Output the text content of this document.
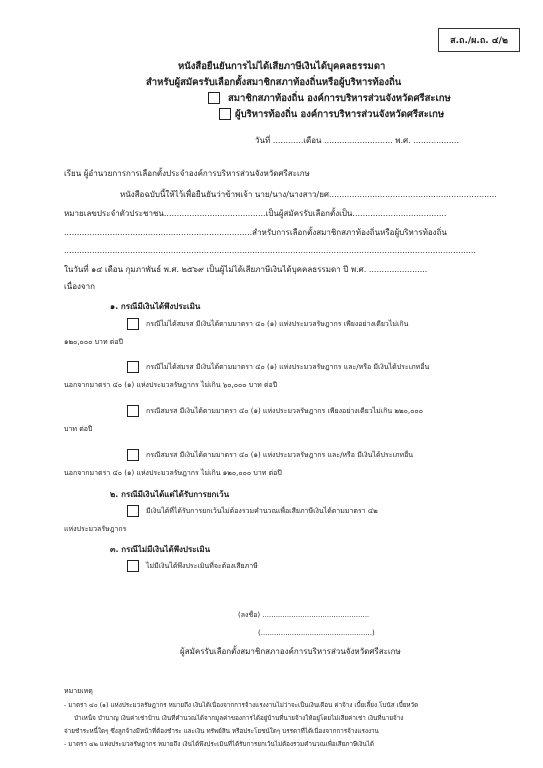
ส.ถ./ผ.ถ. ๔/๒
หนังสือยืนยันการไม่ได้เสียภาษีเงินได้บุคคลธรรมดา
สำหรับผู้สมัครรับเลือกตั้งสมาชิกสภาท้องถิ่นหรือผู้บริหารท้องถิ่น
สมาชิกสภาท้องถิ่น องค์การบริหารส่วนจังหวัดศรีสะเกษ
ผู้บริหารท้องถิ่น องค์การบริหารส่วนจังหวัดศรีสะเกษ
วันที่ ............เดือน ........................... พ.ศ. ..................
เรียน ผู้อำนวยการการเลือกตั้งประจำองค์การบริหารส่วนจังหวัดศรีสะเกษ
หนังสือฉบับนี้ให้ไว้เพื่อยืนยันว่าข้าพเจ้า นาย/นาง/นางสาว/ยศ..................................................................
หมายเลขประจำตัวประชาชน........................................เป็นผู้สมัครรับเลือกตั้งเป็น.....................................
..........................................................................สำหรับการเลือกตั้งสมาชิกสภาท้องถิ่นหรือผู้บริหารท้องถิ่น
..................................................................................................................................................................
ในวันที่ ๑๔ เดือน กุมภาพันธ์ พ.ศ. ๒๕๖๙ เป็นผู้ไม่ได้เสียภาษีเงินได้บุคคลธรรมดา ปี พ.ศ. .......................
เนื่องจาก
๑. กรณีมีเงินได้พึงประเมิน
กรณีไม่ได้สมรส มีเงินได้ตามมาตรา ๔๐ (๑) แห่งประมวลรัษฎากร เพียงอย่างเดียวไม่เกิน
๑๒๐,๐๐๐ บาท ต่อปี
กรณีไม่ได้สมรส มีเงินได้ตามมาตรา ๔๐ (๑) แห่งประมวลรัษฎากร และ/หรือ มีเงินได้ประเภทอื่น
นอกจากมาตรา ๔๐ (๑) แห่งประมวลรัษฎากร ไม่เกิน ๖๐,๐๐๐ บาท ต่อปี
กรณีสมรส มีเงินได้ตามมาตรา ๔๐ (๑) แห่งประมวลรัษฎากร เพียงอย่างเดียวไม่เกิน ๒๒๐,๐๐๐
บาท ต่อปี
กรณีสมรส มีเงินได้ตามมาตรา ๔๐ (๑) แห่งประมวลรัษฎากร และ/หรือ มีเงินได้ประเภทอื่น
นอกจากมาตรา ๔๐ (๑) แห่งประมวลรัษฎากร ไม่เกิน ๑๒๐,๐๐๐ บาท ต่อปี
๒. กรณีมีเงินได้แต่ได้รับการยกเว้น
มีเงินได้ที่ได้รับการยกเว้นไม่ต้องรวมคำนวณเพื่อเสียภาษีเงินได้ตามมาตรา ๔๒
แห่งประมวลรัษฎากร
๓. กรณีไม่มีเงินได้พึงประเมิน
ไม่มีเงินได้พึงประเมินที่จะต้องเสียภาษี
(ลงชื่อ) ................................................
(..................................................)
ผู้สมัครรับเลือกตั้งสมาชิกสภาองค์การบริหารส่วนจังหวัดศรีสะเกษ
หมายเหตุ
- มาตรา ๔๐ (๑) แห่งประมวลรัษฎากร หมายถึง เงินได้เนื่องจากการจ้างแรงงานไม่ว่าจะเป็นเงินเดือน ค่าจ้าง เบี้ยเลี้ยง โบนัส เบี้ยหวัด
บำเหน็จ บำนาญ เงินค่าเช่าบ้าน เงินที่คำนวณได้จากมูลค่าของการได้อยู่บ้านที่นายจ้างให้อยู่โดยไม่เสียค่าเช่า เงินที่นายจ้าง
จ่ายชำระหนี้ใดๆ ซึ่งลูกจ้างมีหน้าที่ต้องชำระ และเงิน ทรัพย์สิน หรือประโยชน์ใดๆ บรรดาที่ได้เนื่องจากการจ้างแรงงาน
- มาตรา ๔๒ แห่งประมวลรัษฎากร หมายถึง เงินได้พึงประเมินที่ได้รับการยกเว้นไม่ต้องรวมคำนวณเพื่อเสียภาษีเงินได้
